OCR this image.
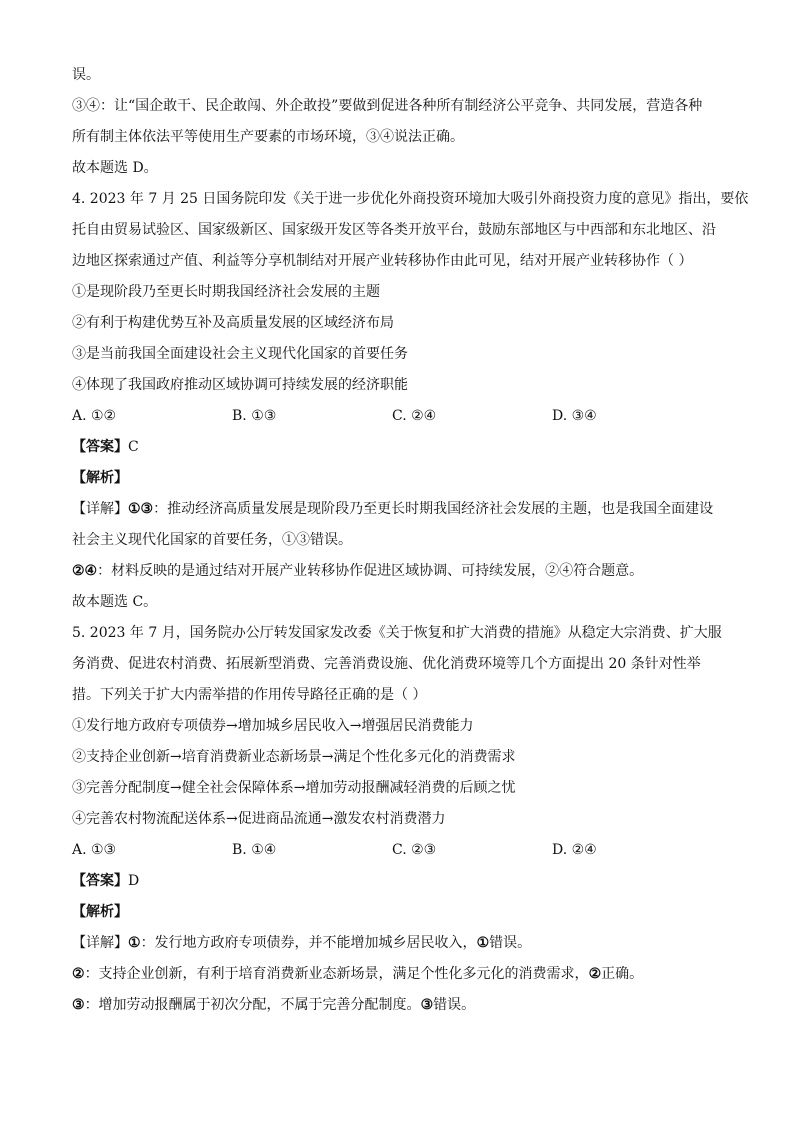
误。
③④：让“国企敢干、民企敢闯、外企敢投”要做到促进各种所有制经济公平竞争、共同发展，营造各种
所有制主体依法平等使用生产要素的市场环境，③④说法正确。
故本题选 D。
4. 2023 年 7 月 25 日国务院印发《关于进一步优化外商投资环境加大吸引外商投资力度的意见》指出，要依
托自由贸易试验区、国家级新区、国家级开发区等各类开放平台，鼓励东部地区与中西部和东北地区、沿
边地区探索通过产值、利益等分享机制结对开展产业转移协作由此可见，结对开展产业转移协作（ ）
①是现阶段乃至更长时期我国经济社会发展的主题
②有利于构建优势互补及高质量发展的区域经济布局
③是当前我国全面建设社会主义现代化国家的首要任务
④体现了我国政府推动区域协调可持续发展的经济职能
A. ①②	B. ①③	C. ②④	D. ③④
【答案】C
【解析】
【详解】①③：推动经济高质量发展是现阶段乃至更长时期我国经济社会发展的主题，也是我国全面建设
社会主义现代化国家的首要任务，①③错误。
②④：材料反映的是通过结对开展产业转移协作促进区域协调、可持续发展，②④符合题意。
故本题选 C。
5. 2023 年 7 月，国务院办公厅转发国家发改委《关于恢复和扩大消费的措施》从稳定大宗消费、扩大服
务消费、促进农村消费、拓展新型消费、完善消费设施、优化消费环境等几个方面提出 20 条针对性举
措。下列关于扩大内需举措的作用传导路径正确的是（ ）
①发行地方政府专项债券→增加城乡居民收入→增强居民消费能力
②支持企业创新→培育消费新业态新场景→满足个性化多元化的消费需求
③完善分配制度→健全社会保障体系→增加劳动报酬减轻消费的后顾之忧
④完善农村物流配送体系→促进商品流通→激发农村消费潜力
A. ①③	B. ①④	C. ②③	D. ②④
【答案】D
【解析】
【详解】①：发行地方政府专项债券，并不能增加城乡居民收入，①错误。
②：支持企业创新，有利于培育消费新业态新场景，满足个性化多元化的消费需求，②正确。
③：增加劳动报酬属于初次分配，不属于完善分配制度。③错误。
